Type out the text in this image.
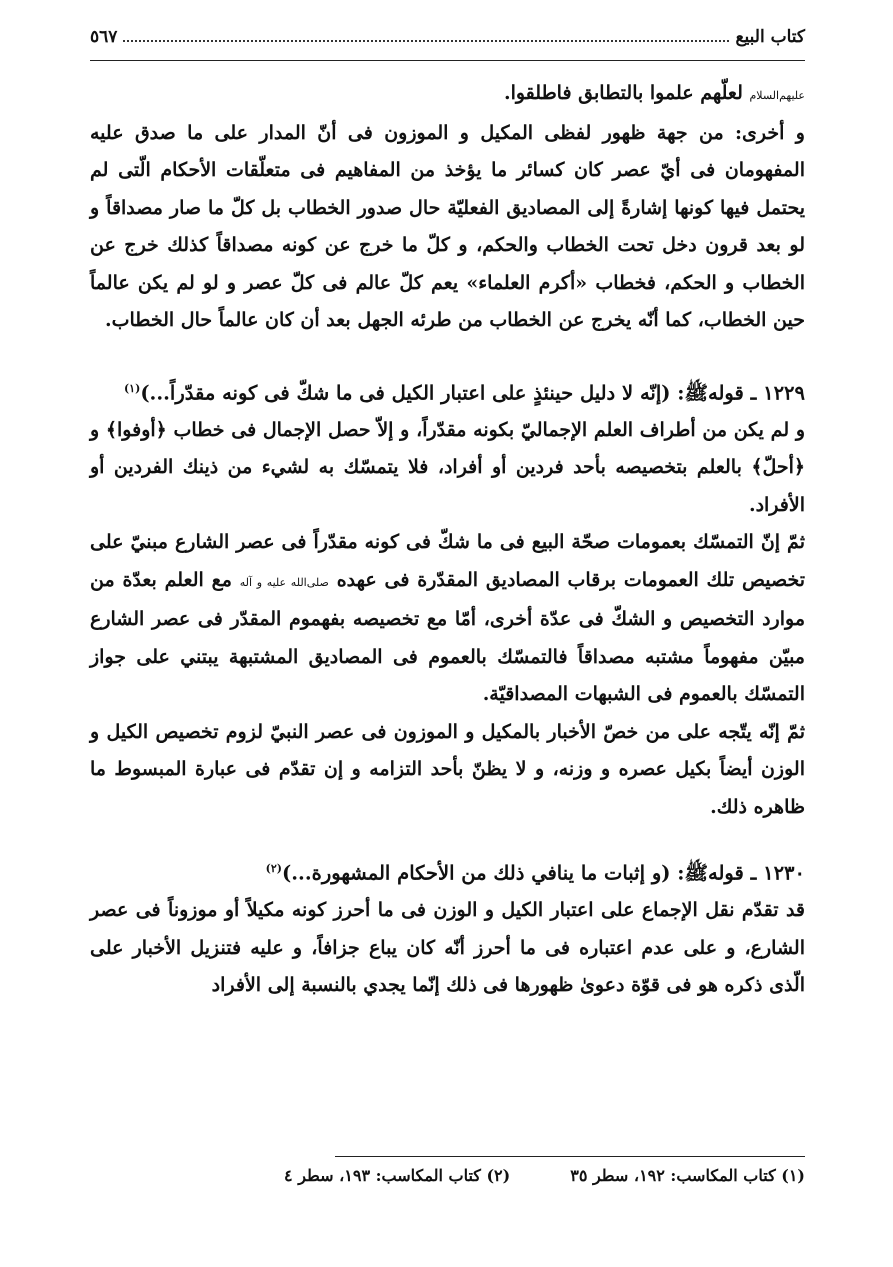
کتاب البیع
٥٦٧

علیهم‌السلام لعلّهم علموا بالتطابق فاطلقوا.

و أخرى: من جهة ظهور لفظى المكيل و الموزون فى أنّ المدار على ما صدق عليه المفهومان فى أيّ عصر كان كسائر ما يؤخذ من المفاهيم فى متعلّقات الأحكام الّتى لم يحتمل فيها كونها إشارةً إلى المصاديق الفعليّة حال صدور الخطاب بل كلّ ما صار مصداقاً و لو بعد قرون دخل تحت الخطاب والحكم، و كلّ ما خرج عن كونه مصداقاً كذلك خرج عن الخطاب و الحكم، فخطاب «أكرم العلماء» يعم كلّ عالم فى كلّ عصر و لو لم يكن عالماً حين الخطاب، كما أنّه يخرج عن الخطاب من طرئه الجهل بعد أن كان عالماً حال الخطاب.

١٢٢٩ ـ قوله‌‍‌ﷺ: (إنّه لا دليل حينئذٍ على اعتبار الكيل فى ما شكّ فى كونه مقدّراً...)$^{(١)}$

و لم يكن من أطراف العلم الإجماليّ بكونه مقدّراً، و إلاّ حصل الإجمال فى خطاب ﴿أوفوا﴾ و ﴿أحلّ﴾ بالعلم بتخصيصه بأحد فردين أو أفراد، فلا يتمسّك به لشيء من ذينك الفردين أو الأفراد.

ثمّ إنّ التمسّك بعمومات صحّة البيع فى ما شكّ فى كونه مقدّراً فى عصر الشارع مبنيّ على تخصيص تلك العمومات برقاب المصاديق المقدّرة فى عهده صلی‌الله علیه و آله مع العلم بعدّة من موارد التخصيص و الشكّ فى عدّة أخرى، أمّا مع تخصيصه بفهموم المقدّر فى عصر الشارع مبيّن مفهوماً مشتبه مصداقاً فالتمسّك بالعموم فى المصاديق المشتبهة يبتني على جواز التمسّك بالعموم فى الشبهات المصداقيّة.

ثمّ إنّه يتّجه على من خصّ الأخبار بالمكيل و الموزون فى عصر النبيّ لزوم تخصيص الكيل و الوزن أيضاً بكيل عصره و وزنه، و لا يظنّ بأحد التزامه و إن تقدّم فى عبارة المبسوط ما ظاهره ذلك.

١٢٣٠ ـ قوله‌ﷺ: (و إثبات ما ينافي ذلك من الأحكام المشهورة...)$^{(٢)}$

قد تقدّم نقل الإجماع على اعتبار الكيل و الوزن فى ما أحرز كونه مكيلاً أو موزوناً فى عصر الشارع، و على عدم اعتباره فى ما أحرز أنّه كان يباع جزافاً، و عليه فتنزيل الأخبار على الّذى ذكره هو فى قوّة دعوىٰ ظهورها فى ذلك إنّما يجدي بالنسبة إلى الأفراد

(١) كتاب المكاسب: ١٩٢، سطر ٣٥
(٢) كتاب المكاسب: ١٩٣، سطر ٤
